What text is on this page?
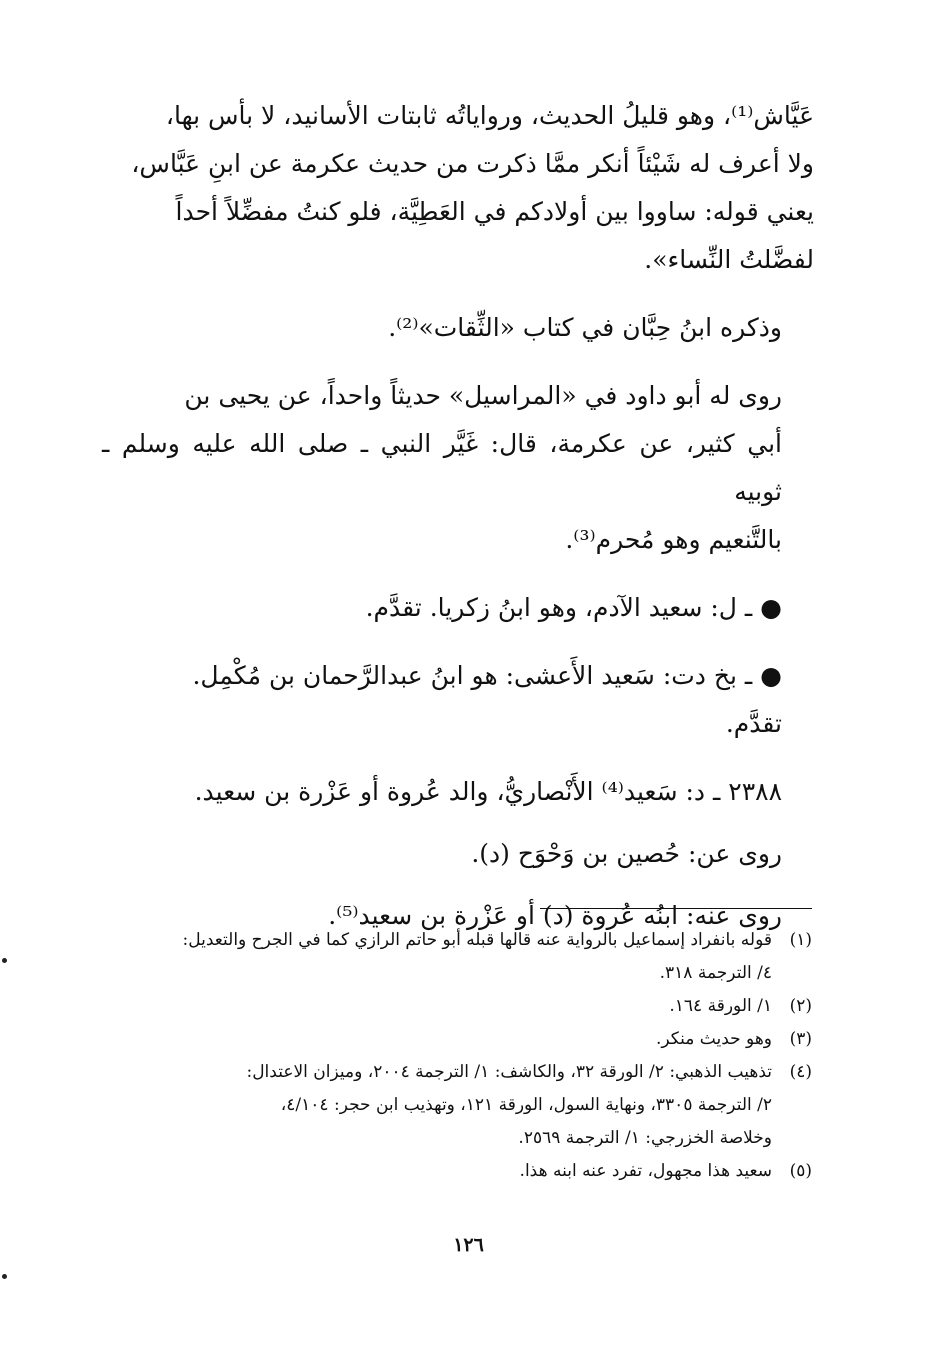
عَيَّاش⁽¹⁾، وهو قليلُ الحديث، ورواياتُه ثابتات الأسانيد، لا بأس بها،
ولا أعرف له شَيْئاً أنكر ممَّا ذكرت من حديث عكرمة عن ابنِ عَبَّاس،
يعني قوله: ساووا بين أولادكم في العَطِيَّة، فلو كنتُ مفضِّلاً أحداً
لفضَّلتُ النِّساء».

وذكره ابنُ حِبَّان في كتاب «الثِّقات»⁽²⁾.

روى له أبو داود في «المراسيل» حديثاً واحداً، عن يحيى بن
أبي كثير، عن عكرمة، قال: غَيَّر النبي ـ صلى الله عليه وسلم ـ ثوبيه
بالتَّنعيم وهو مُحرم⁽³⁾.

● ـ ل: سعيد الآدم، وهو ابنُ زكريا. تقدَّم.

● ـ بخ دت: سَعيد الأَعشى: هو ابنُ عبدالرَّحمان بن مُكْمِل.
تقدَّم.

٢٣٨٨ ـ د: سَعيد⁽⁴⁾ الأَنْصاريُّ، والد عُروة أو عَزْرة بن سعيد.

روى عن: حُصين بن وَحْوَح (د).

روى عنه: ابنُه عُروة (د) أو عَزْرة بن سعيد⁽⁵⁾.

(١)
قوله بانفراد إسماعيل بالرواية عنه قالها قبله أبو حاتم الرازي كما في الجرح والتعديل:
٤/ الترجمة ٣١٨.
(٢)
١/ الورقة ١٦٤.
(٣)
وهو حديث منكر.
(٤)
تذهيب الذهبي: ٢/ الورقة ٣٢، والكاشف: ١/ الترجمة ٢٠٠٤، وميزان الاعتدال:
٢/ الترجمة ٣٣٠٥، ونهاية السول، الورقة ١٢١، وتهذيب ابن حجر: ٤/١٠٤،
وخلاصة الخزرجي: ١/ الترجمة ٢٥٦٩.
(٥)
سعيد هذا مجهول، تفرد عنه ابنه هذا.
١٢٦
